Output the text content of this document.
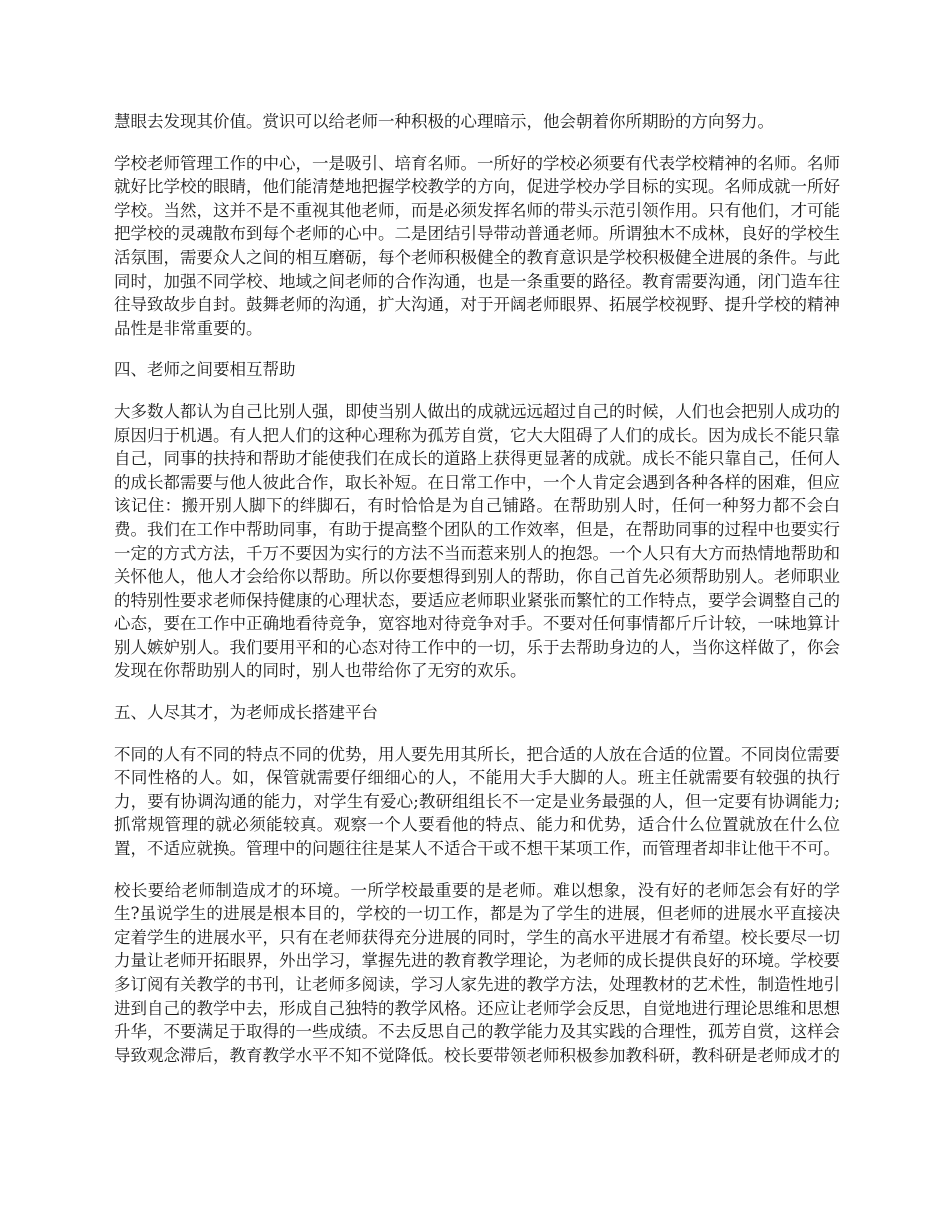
慧眼去发现其价值。赏识可以给老师一种积极的心理暗示，他会朝着你所期盼的方向努力。

学校老师管理工作的中心，一是吸引、培育名师。一所好的学校必须要有代表学校精神的名师。名师就好比学校的眼睛，他们能清楚地把握学校教学的方向，促进学校办学目标的实现。名师成就一所好学校。当然，这并不是不重视其他老师，而是必须发挥名师的带头示范引领作用。只有他们，才可能把学校的灵魂散布到每个老师的心中。二是团结引导带动普通老师。所谓独木不成林，良好的学校生活氛围，需要众人之间的相互磨砺，每个老师积极健全的教育意识是学校积极健全进展的条件。与此同时，加强不同学校、地域之间老师的合作沟通，也是一条重要的路径。教育需要沟通，闭门造车往往导致故步自封。鼓舞老师的沟通，扩大沟通，对于开阔老师眼界、拓展学校视野、提升学校的精神品性是非常重要的。

四、老师之间要相互帮助

大多数人都认为自己比别人强，即使当别人做出的成就远远超过自己的时候，人们也会把别人成功的原因归于机遇。有人把人们的这种心理称为孤芳自赏，它大大阻碍了人们的成长。因为成长不能只靠自己，同事的扶持和帮助才能使我们在成长的道路上获得更显著的成就。成长不能只靠自己，任何人的成长都需要与他人彼此合作，取长补短。在日常工作中，一个人肯定会遇到各种各样的困难，但应该记住：搬开别人脚下的绊脚石，有时恰恰是为自己铺路。在帮助别人时，任何一种努力都不会白费。我们在工作中帮助同事，有助于提高整个团队的工作效率，但是，在帮助同事的过程中也要实行一定的方式方法，千万不要因为实行的方法不当而惹来别人的抱怨。一个人只有大方而热情地帮助和关怀他人，他人才会给你以帮助。所以你要想得到别人的帮助，你自己首先必须帮助别人。老师职业的特别性要求老师保持健康的心理状态，要适应老师职业紧张而繁忙的工作特点，要学会调整自己的心态，要在工作中正确地看待竞争，宽容地对待竞争对手。不要对任何事情都斤斤计较，一味地算计别人嫉妒别人。我们要用平和的心态对待工作中的一切，乐于去帮助身边的人，当你这样做了，你会发现在你帮助别人的同时，别人也带给你了无穷的欢乐。

五、人尽其才，为老师成长搭建平台

不同的人有不同的特点不同的优势，用人要先用其所长，把合适的人放在合适的位置。不同岗位需要不同性格的人。如，保管就需要仔细细心的人，不能用大手大脚的人。班主任就需要有较强的执行力，要有协调沟通的能力，对学生有爱心;教研组组长不一定是业务最强的人，但一定要有协调能力;抓常规管理的就必须能较真。观察一个人要看他的特点、能力和优势，适合什么位置就放在什么位置，不适应就换。管理中的问题往往是某人不适合干或不想干某项工作，而管理者却非让他干不可。

校长要给老师制造成才的环境。一所学校最重要的是老师。难以想象，没有好的老师怎会有好的学生?虽说学生的进展是根本目的，学校的一切工作，都是为了学生的进展，但老师的进展水平直接决定着学生的进展水平，只有在老师获得充分进展的同时，学生的高水平进展才有希望。校长要尽一切力量让老师开拓眼界，外出学习，掌握先进的教育教学理论，为老师的成长提供良好的环境。学校要多订阅有关教学的书刊，让老师多阅读，学习人家先进的教学方法，处理教材的艺术性，制造性地引进到自己的教学中去，形成自己独特的教学风格。还应让老师学会反思，自觉地进行理论思维和思想升华，不要满足于取得的一些成绩。不去反思自己的教学能力及其实践的合理性，孤芳自赏，这样会导致观念滞后，教育教学水平不知不觉降低。校长要带领老师积极参加教科研，教科研是老师成才的
